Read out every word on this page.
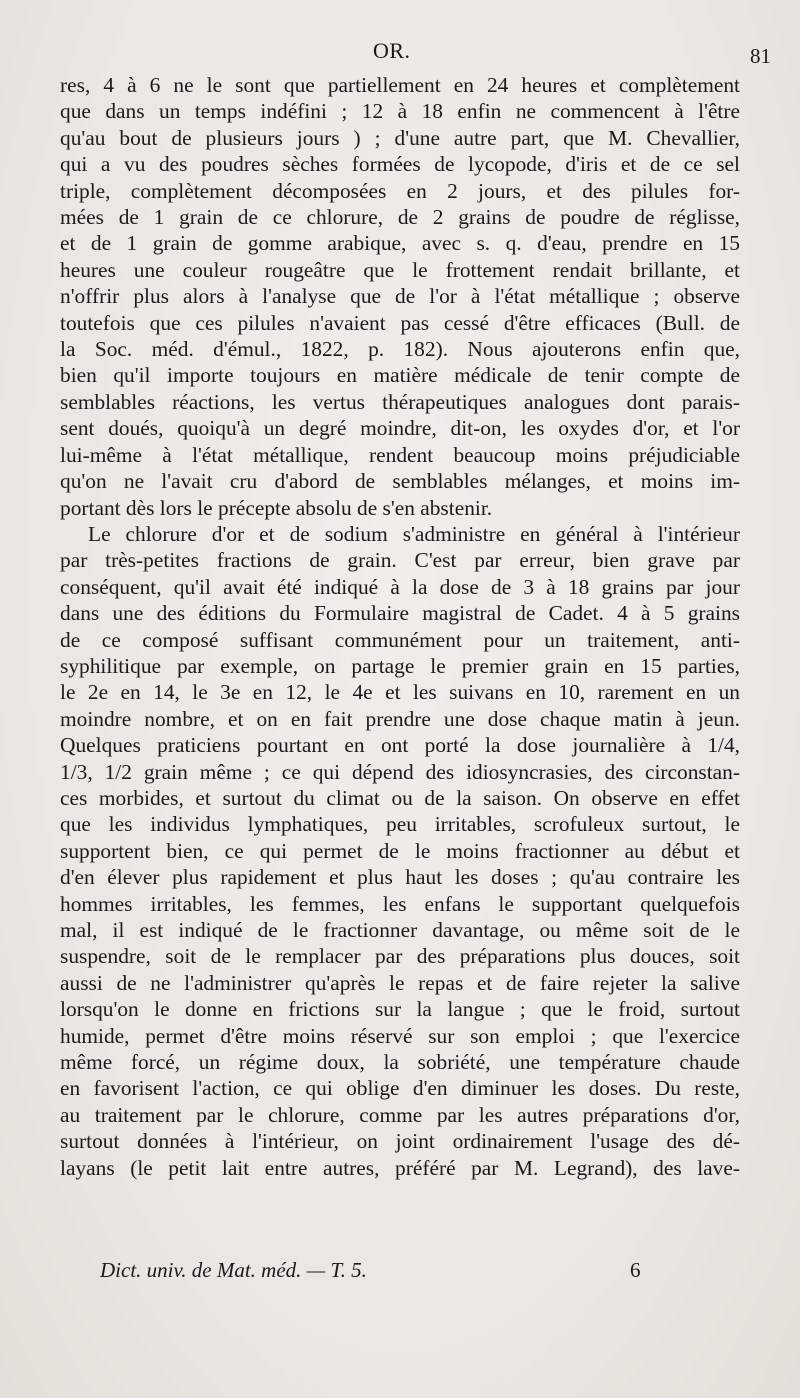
OR.	81

res, 4 à 6 ne le sont que partiellement en 24 heures et complètement
que dans un temps indéfini ; 12 à 18 enfin ne commencent à l'être
qu'au bout de plusieurs jours ) ; d'une autre part, que M. Chevallier,
qui a vu des poudres sèches formées de lycopode, d'iris et de ce sel
triple, complètement décomposées en 2 jours, et des pilules for-
mées de 1 grain de ce chlorure, de 2 grains de poudre de réglisse,
et de 1 grain de gomme arabique, avec s. q. d'eau, prendre en 15
heures une couleur rougeâtre que le frottement rendait brillante, et
n'offrir plus alors à l'analyse que de l'or à l'état métallique ; observe
toutefois que ces pilules n'avaient pas cessé d'être efficaces (Bull. de
la Soc. méd. d'émul., 1822, p. 182). Nous ajouterons enfin que,
bien qu'il importe toujours en matière médicale de tenir compte de
semblables réactions, les vertus thérapeutiques analogues dont parais-
sent doués, quoiqu'à un degré moindre, dit-on, les oxydes d'or, et l'or
lui-même à l'état métallique, rendent beaucoup moins préjudiciable
qu'on ne l'avait cru d'abord de semblables mélanges, et moins im-
portant dès lors le précepte absolu de s'en abstenir.

Le chlorure d'or et de sodium s'administre en général à l'intérieur
par très-petites fractions de grain. C'est par erreur, bien grave par
conséquent, qu'il avait été indiqué à la dose de 3 à 18 grains par jour
dans une des éditions du Formulaire magistral de Cadet. 4 à 5 grains
de ce composé suffisant communément pour un traitement, anti-
syphilitique par exemple, on partage le premier grain en 15 parties,
le 2e en 14, le 3e en 12, le 4e et les suivans en 10, rarement en un
moindre nombre, et on en fait prendre une dose chaque matin à jeun.
Quelques praticiens pourtant en ont porté la dose journalière à 1/4,
1/3, 1/2 grain même ; ce qui dépend des idiosyncrasies, des circonstan-
ces morbides, et surtout du climat ou de la saison. On observe en effet
que les individus lymphatiques, peu irritables, scrofuleux surtout, le
supportent bien, ce qui permet de le moins fractionner au début et
d'en élever plus rapidement et plus haut les doses ; qu'au contraire les
hommes irritables, les femmes, les enfans le supportant quelquefois
mal, il est indiqué de le fractionner davantage, ou même soit de le
suspendre, soit de le remplacer par des préparations plus douces, soit
aussi de ne l'administrer qu'après le repas et de faire rejeter la salive
lorsqu'on le donne en frictions sur la langue ; que le froid, surtout
humide, permet d'être moins réservé sur son emploi ; que l'exercice
même forcé, un régime doux, la sobriété, une température chaude
en favorisent l'action, ce qui oblige d'en diminuer les doses. Du reste,
au traitement par le chlorure, comme par les autres préparations d'or,
surtout données à l'intérieur, on joint ordinairement l'usage des dé-
layans (le petit lait entre autres, préféré par M. Legrand), des lave-

Dict. univ. de Mat. méd. — T. 5.	6
